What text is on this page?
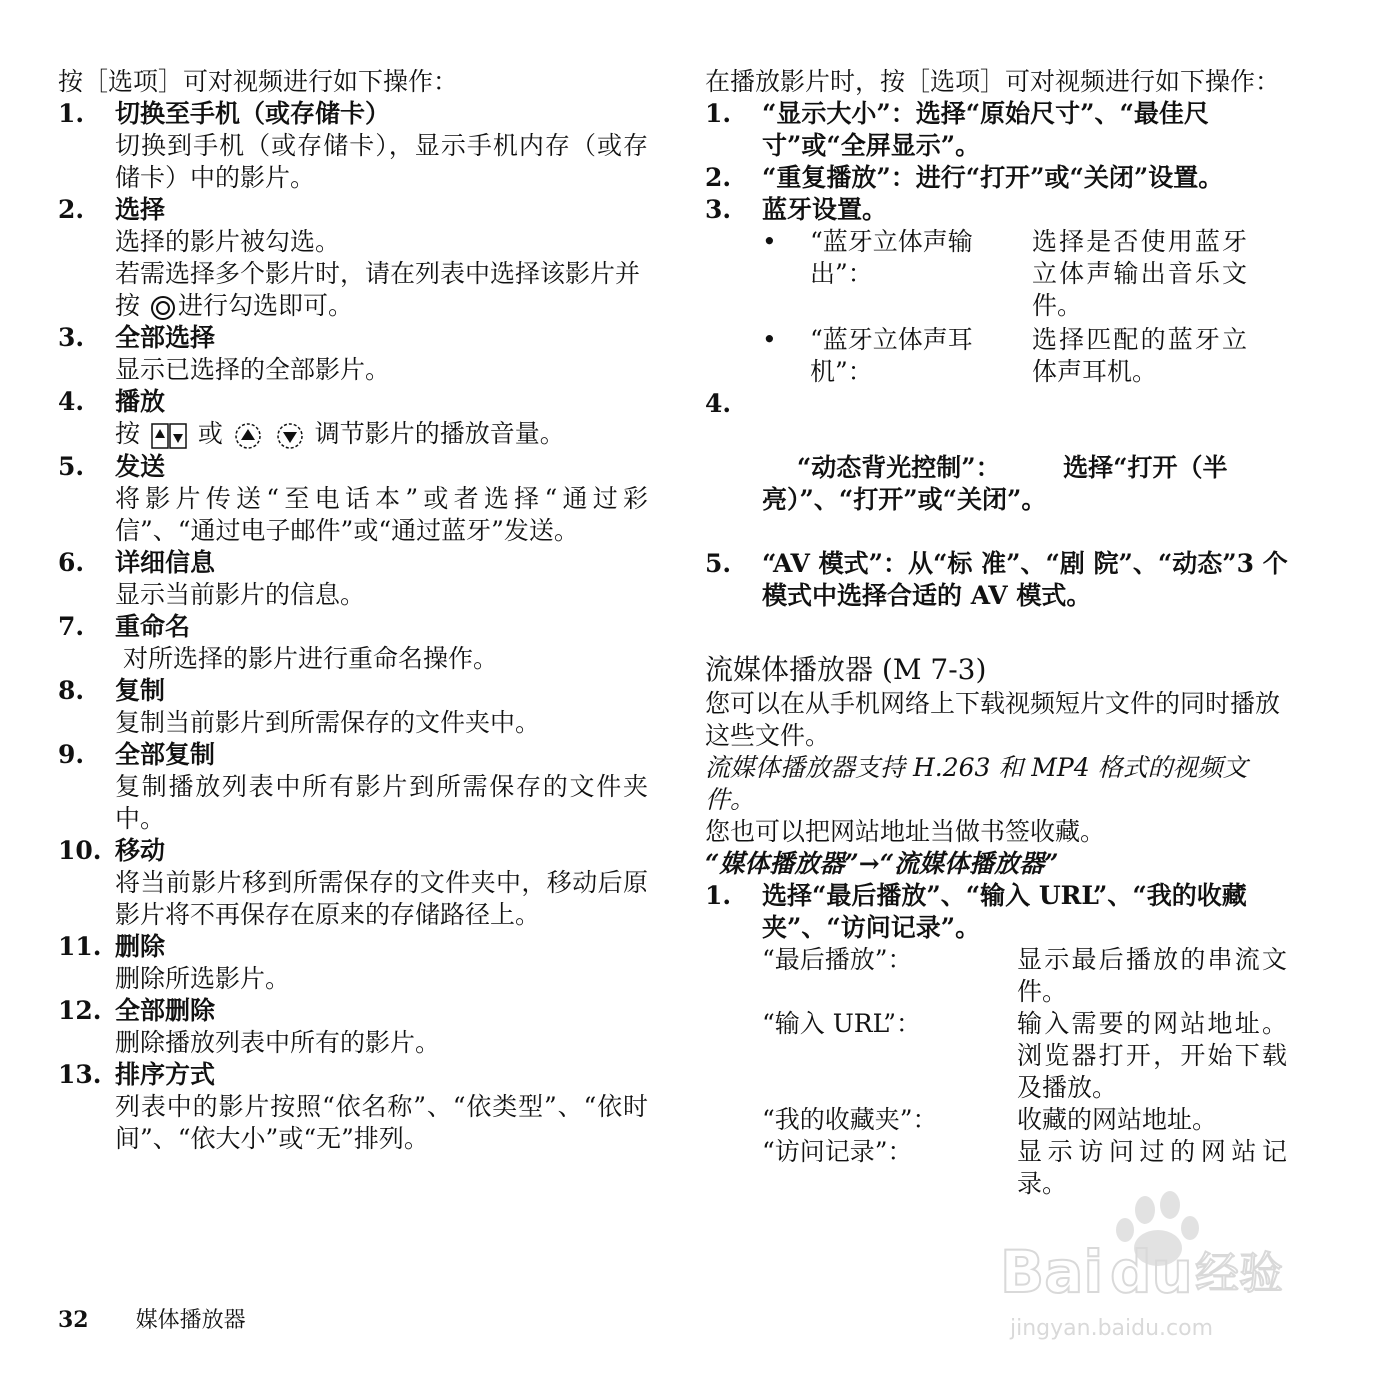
按［选项］可对视频进行如下操作：
1. 切换至手机（或存储卡）
切换到手机（或存储卡），显示手机内存（或存储卡）中的影片。
2. 选择
选择的影片被勾选。
若需选择多个影片时，请在列表中选择该影片并按 进行勾选即可。
3. 全部选择
显示已选择的全部影片。
4. 播放
按 或	调节影片的播放音量。
5. 发送
将影片传送“至电话本”或者选择“通过彩信”、“通过电子邮件”或“通过蓝牙”发送。
6. 详细信息
显示当前影片的信息。
7. 重命名
对所选择的影片进行重命名操作。
8. 复制
复制当前影片到所需保存的文件夹中。
9. 全部复制
复制播放列表中所有影片到所需保存的文件夹中。
10. 移动
将当前影片移到所需保存的文件夹中，移动后原影片将不再保存在原来的存储路径上。
11. 删除
删除所选影片。
12. 全部删除
删除播放列表中所有的影片。
13. 排序方式
列表中的影片按照“依名称”、“依类型”、“依时间”、“依大小”或“无”排列。
在播放影片时，按［选项］可对视频进行如下操作：
1. “显示大小”：选择“原始尺寸”、“最佳尺寸”或“全屏显示”。
2. “重复播放”：进行“打开”或“关闭”设置。
3. 蓝牙设置。
• “蓝牙立体声输出”：选择是否使用蓝牙立体声输出音乐文件。
• “蓝牙立体声耳机”：选择匹配的蓝牙立体声耳机。

4.

“动态背光控制”：　　　选择“打开（半亮）”、“打开”或“关闭”。

5. “AV 模式”：从“标 准”、“剧 院”、“动态”3 个模式中选择合适的 AV 模式。
流媒体播放器 (M 7-3)
您可以在从手机网络上下载视频短片文件的同时播放这些文件。
流媒体播放器支持 H.263 和 MP4 格式的视频文件。
您也可以把网站地址当做书签收藏。
“媒体播放器”→“流媒体播放器”
1. 选择“最后播放”、“输入 URL”、“我的收藏夹”、“访问记录”。
“最后播放”：	显示最后播放的串流文件。
“输入 URL”：	输入需要的网站地址。浏览器打开，开始下载及播放。
“我的收藏夹”：	收藏的网站地址。
“访问记录”：	显示访问过的网站记录。
32 媒体播放器
Bai du 经验
jingyan.baidu.com
